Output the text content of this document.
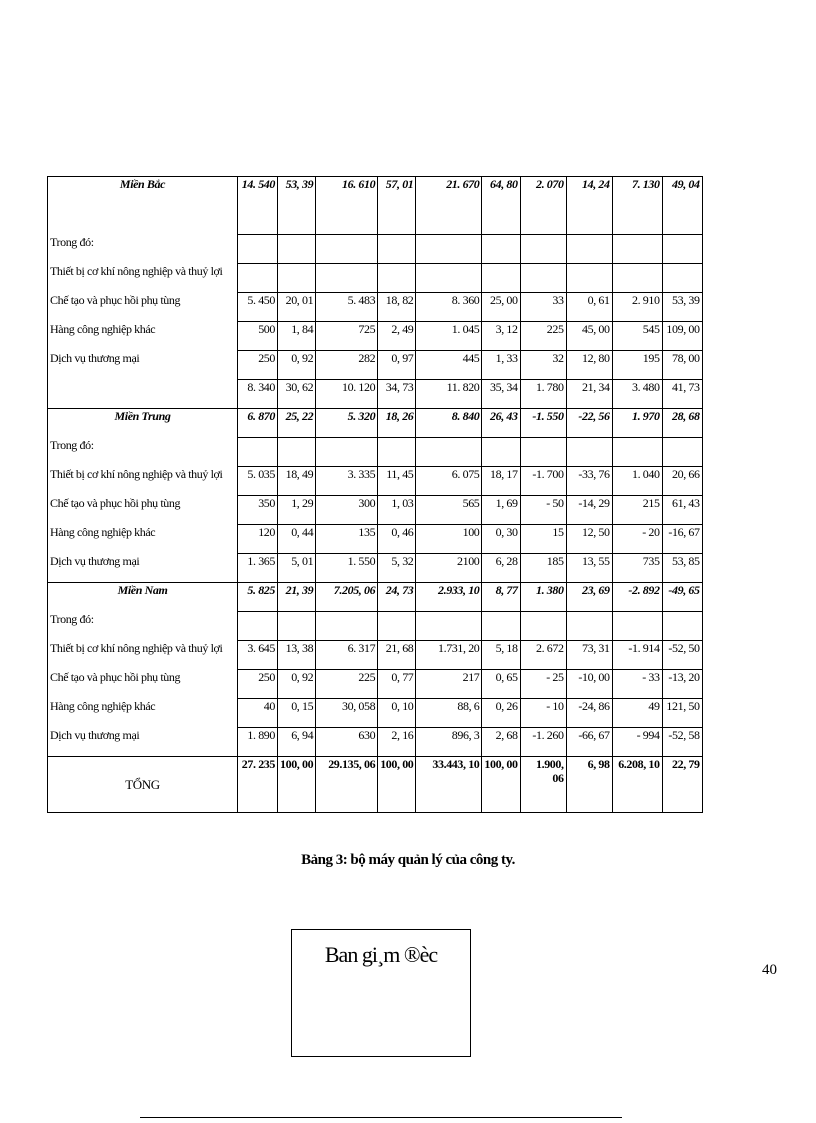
Miền Bắc	14. 540	53, 39	16. 610	57, 01	21. 670	64, 80	2. 070	14, 24	7. 130	49, 04
Trong đó:										
Thiết bị cơ khí nông nghiệp và thuỷ lợi										
Chế tạo và phục hồi phụ tùng	5. 450	20, 01	5. 483	18, 82	8. 360	25, 00	33	0, 61	2. 910	53, 39
Hàng công nghiệp khác	500	1, 84	725	2, 49	1. 045	3, 12	225	45, 00	545	109, 00
Dịch vụ thương mại	250	0, 92	282	0, 97	445	1, 33	32	12, 80	195	78, 00
	8. 340	30, 62	10. 120	34, 73	11. 820	35, 34	1. 780	21, 34	3. 480	41, 73
Miền Trung	6. 870	25, 22	5. 320	18, 26	8. 840	26, 43	-1. 550	-22, 56	1. 970	28, 68
Trong đó:										
Thiết bị cơ khí nông nghiệp và thuỷ lợi	5. 035	18, 49	3. 335	11, 45	6. 075	18, 17	-1. 700	-33, 76	1. 040	20, 66
Chế tạo và phục hồi phụ tùng	350	1, 29	300	1, 03	565	1, 69	- 50	-14, 29	215	61, 43
Hàng công nghiệp khác	120	0, 44	135	0, 46	100	0, 30	15	12, 50	- 20	-16, 67
Dịch vụ thương mại	1. 365	5, 01	1. 550	5, 32	2100	6, 28	185	13, 55	735	53, 85
Miền Nam	5. 825	21, 39	7.205, 06	24, 73	2.933, 10	8, 77	1. 380	23, 69	-2. 892	-49, 65
Trong đó:										
Thiết bị cơ khí nông nghiệp và thuỷ lợi	3. 645	13, 38	6. 317	21, 68	1.731, 20	5, 18	2. 672	73, 31	-1. 914	-52, 50
Chế tạo và phục hồi phụ tùng	250	0, 92	225	0, 77	217	0, 65	- 25	-10, 00	- 33	-13, 20
Hàng công nghiệp khác	40	0, 15	30, 058	0, 10	88, 6	0, 26	- 10	-24, 86	49	121, 50
Dịch vụ thương mại	1. 890	6, 94	630	2, 16	896, 3	2, 68	-1. 260	-66, 67	- 994	-52, 58
TỔNG	27. 235	100, 00	29.135, 06	100, 00	33.443, 10	100, 00	1.900, 06	6, 98	6.208, 10	22, 79
Bảng 3: bộ máy quản lý của công ty.
Ban gi¸m ®èc
40
